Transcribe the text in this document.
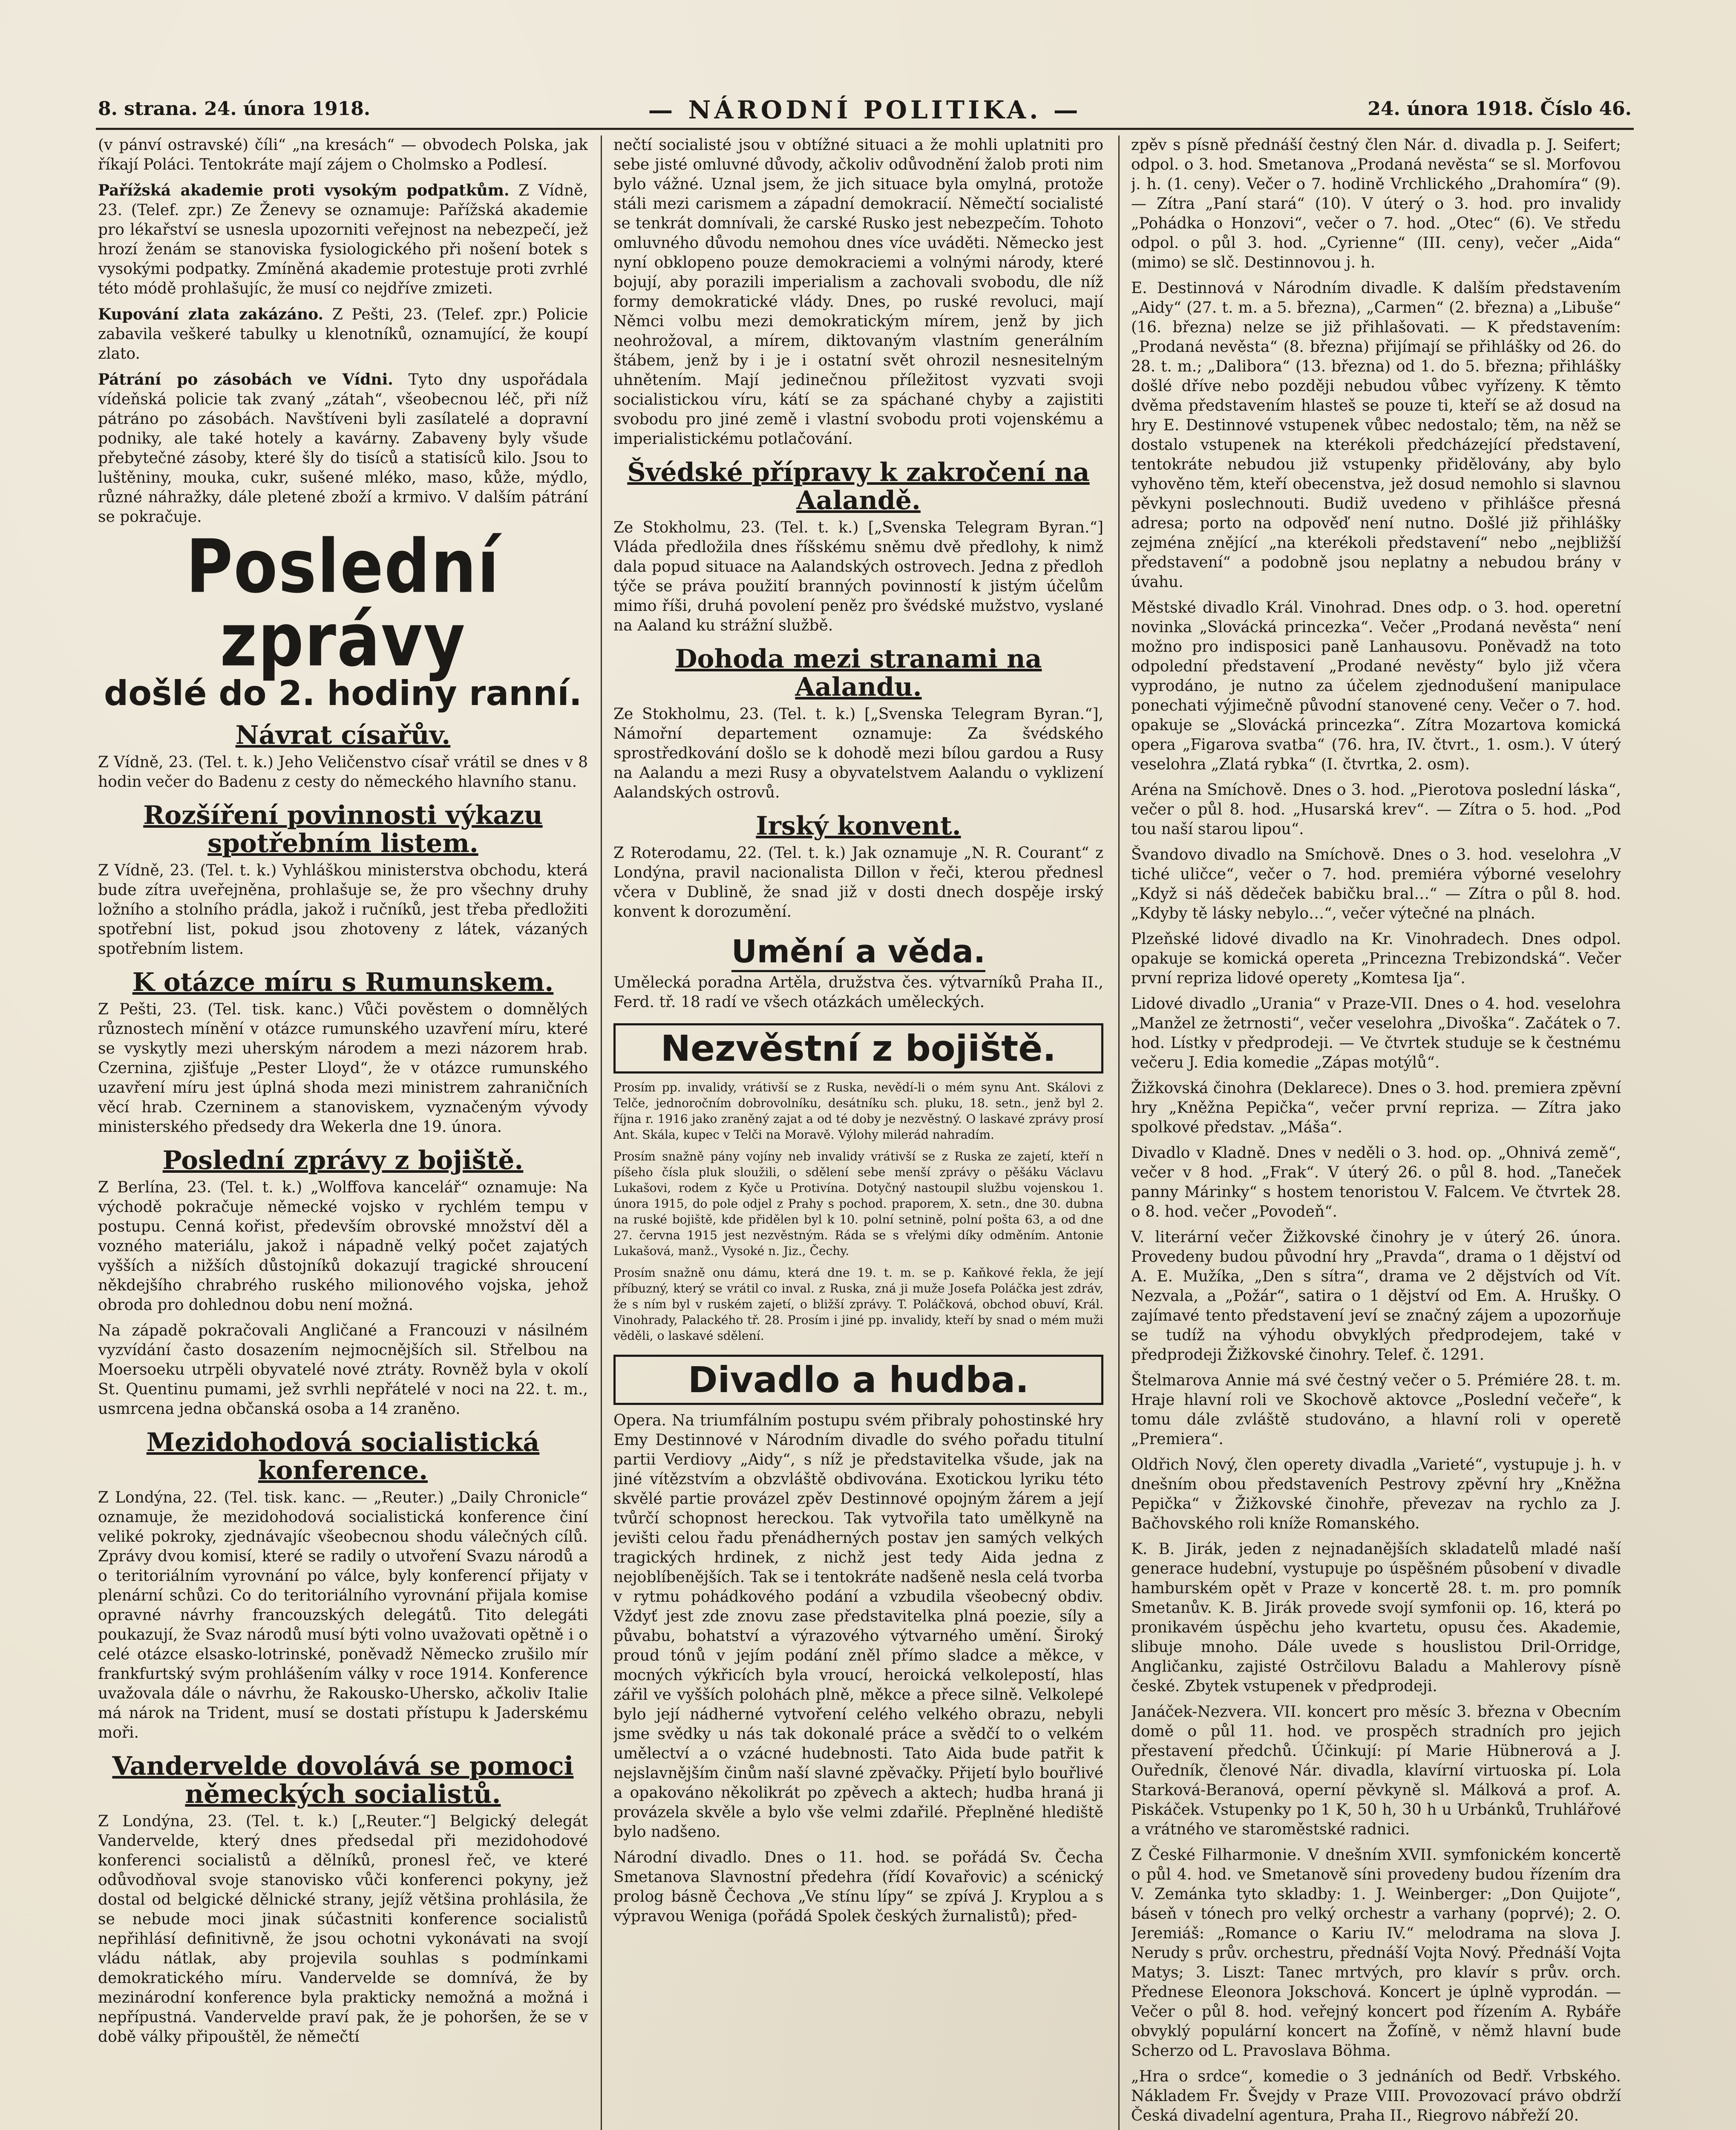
8. strana. 24. února 1918.	— NÁRODNÍ POLITIKA. —	24. února 1918. Číslo 46.

(v pánví ostravské) číli“ „na kresách“ — obvodech Polska, jak říkají Poláci. Tentokráte mají zájem o Cholmsko a Podlesí.

Pařížská akademie proti vysokým podpatkům. Z Vídně, 23. (Telef. zpr.) Ze Ženevy se oznamuje: Pařížská akademie pro lékařství se usnesla upozorniti veřejnost na nebezpečí, jež hrozí ženám se stanoviska fysiologického při nošení botek s vysokými podpatky. Zmíněná akademie protestuje proti zvrhlé této módě prohlašujíc, že musí co nejdříve zmizeti.

Kupování zlata zakázáno. Z Pešti, 23. (Telef. zpr.) Policie zabavila veškeré tabulky u klenotníků, oznamující, že koupí zlato.

Pátrání po zásobách ve Vídni. Tyto dny uspořádala vídeňská policie tak zvaný „zátah“, všeobecnou léč, při níž pátráno po zásobách. Navštíveni byli zasílatelé a dopravní podniky, ale také hotely a kavárny. Zabaveny byly všude přebytečné zásoby, které šly do tisíců a statisíců kilo. Jsou to luštěniny, mouka, cukr, sušené mléko, maso, kůže, mýdlo, různé náhražky, dále pletené zboží a krmivo. V dalším pátrání se pokračuje.

Poslední zprávy
došlé do 2. hodiny ranní.
Návrat císařův.

Z Vídně, 23. (Tel. t. k.) Jeho Veličenstvo císař vrátil se dnes v 8 hodin večer do Badenu z cesty do německého hlavního stanu.

Rozšíření povinnosti výkazu spotřebním listem.

Z Vídně, 23. (Tel. t. k.) Vyhláškou ministerstva obchodu, která bude zítra uveřejněna, prohlašuje se, že pro všechny druhy ložního a stolního prádla, jakož i ručníků, jest třeba předložiti spotřební list, pokud jsou zhotoveny z látek, vázaných spotřebním listem.

K otázce míru s Rumunskem.

Z Pešti, 23. (Tel. tisk. kanc.) Vůči pověstem o domnělých různostech mínění v otázce rumunského uzavření míru, které se vyskytly mezi uherským národem a mezi názorem hrab. Czernina, zjišťuje „Pester Lloyd“, že v otázce rumunského uzavření míru jest úplná shoda mezi ministrem zahraničních věcí hrab. Czerninem a stanoviskem, vyznačeným vývody ministerského předsedy dra Wekerla dne 19. února.

Poslední zprávy z bojiště.

Z Berlína, 23. (Tel. t. k.) „Wolffova kancelář“ oznamuje: Na východě pokračuje německé vojsko v rychlém tempu v postupu. Cenná kořist, především obrovské množství děl a vozného materiálu, jakož i nápadně velký počet zajatých vyšších a nižších důstojníků dokazují tragické shroucení někdejšího chrabrého ruského milionového vojska, jehož obroda pro dohlednou dobu není možná.

Na západě pokračovali Angličané a Francouzi v násilném vyzvídání často dosazením nejmocnějších sil. Střelbou na Moersoeku utrpěli obyvatelé nové ztráty. Rovněž byla v okolí St. Quentinu pumami, jež svrhli nepřátelé v noci na 22. t. m., usmrcena jedna občanská osoba a 14 zraněno.

Mezidohodová socialistická konference.

Z Londýna, 22. (Tel. tisk. kanc. — „Reuter.) „Daily Chronicle“ oznamuje, že mezidohodová socialistická konference činí veliké pokroky, zjednávajíc všeobecnou shodu válečných cílů. Zprávy dvou komisí, které se radily o utvoření Svazu národů a o teritoriálním vyrovnání po válce, byly konferencí přijaty v plenární schůzi. Co do teritoriálního vyrovnání přijala komise opravné návrhy francouzských delegátů. Tito delegáti poukazují, že Svaz národů musí býti volno uvažovati opětně i o celé otázce elsasko-lotrinské, poněvadž Německo zrušilo mír frankfurtský svým prohlášením války v roce 1914. Konference uvažovala dále o návrhu, že Rakousko-Uhersko, ačkoliv Italie má nárok na Trident, musí se dostati přístupu k Jaderskému moři.

Vandervelde dovolává se pomoci německých socialistů.

Z Londýna, 23. (Tel. t. k.) [„Reuter.“] Belgický delegát Vandervelde, který dnes předsedal při mezidohodové konferenci socialistů a dělníků, pronesl řeč, ve které odůvodňoval svoje stanovisko vůči konferenci pokyny, jež dostal od belgické dělnické strany, jejíž většina prohlásila, že se nebude moci jinak súčastniti konference socialistů nepřihlásí definitivně, že jsou ochotni vykonávati na svojí vládu nátlak, aby projevila souhlas s podmínkami demokratického míru. Vandervelde se domnívá, že by mezinárodní konference byla prakticky nemožná a možná i nepřípustná. Vandervelde praví pak, že je pohoršen, že se v době války připouštěl, že němečtí

nečtí socialisté jsou v obtížné situaci a že mohli uplatniti pro sebe jisté omluvné důvody, ačkoliv odůvodnění žalob proti nim bylo vážné. Uznal jsem, že jich situace byla omylná, protože stáli mezi carismem a západní demokracií. Němečtí socialisté se tenkrát domnívali, že carské Rusko jest nebezpečím. Tohoto omluvného důvodu nemohou dnes více uváděti. Německo jest nyní obklopeno pouze demokraciemi a volnými národy, které bojují, aby porazili imperialism a zachovali svobodu, dle níž formy demokratické vlády. Dnes, po ruské revoluci, mají Němci volbu mezi demokratickým mírem, jenž by jich neohrožoval, a mírem, diktovaným vlastním generálním štábem, jenž by i je i ostatní svět ohrozil nesnesitelným uhnětením. Mají jedinečnou příležitost vyzvati svoji socialistickou víru, kátí se za spáchané chyby a zajistiti svobodu pro jiné země i vlastní svobodu proti vojenskému a imperialistickému potlačování.

Švédské přípravy k zakročení na Aalandě.

Ze Stokholmu, 23. (Tel. t. k.) [„Svenska Telegram Byran.“] Vláda předložila dnes říšskému sněmu dvě předlohy, k nimž dala popud situace na Aalandských ostrovech. Jedna z předloh týče se práva použití branných povinností k jistým účelům mimo říši, druhá povolení peněz pro švédské mužstvo, vyslané na Aaland ku strážní službě.

Dohoda mezi stranami na Aalandu.

Ze Stokholmu, 23. (Tel. t. k.) [„Svenska Telegram Byran.“], Námořní departement oznamuje: Za švédského sprostředkování došlo se k dohodě mezi bílou gardou a Rusy na Aalandu a mezi Rusy a obyvatelstvem Aalandu o vyklizení Aalandských ostrovů.

Irský konvent.

Z Roterodamu, 22. (Tel. t. k.) Jak oznamuje „N. R. Courant“ z Londýna, pravil nacionalista Dillon v řeči, kterou přednesl včera v Dublině, že snad již v dosti dnech dospěje irský konvent k dorozumění.

Umění a věda.

Umělecká poradna Artěla, družstva čes. výtvarníků Praha II., Ferd. tř. 18 radí ve všech otázkách uměleckých.

Nezvěstní z bojiště.

Prosím pp. invalidy, vrátivší se z Ruska, nevědí-li o mém synu Ant. Skálovi z Telče, jednoročním dobrovolníku, desátníku sch. pluku, 18. setn., jenž byl 2. října r. 1916 jako zraněný zajat a od té doby je nezvěstný. O laskavé zprávy prosí Ant. Skála, kupec v Telči na Moravě. Výlohy milerád nahradím.

Prosím snažně pány vojíny neb invalidy vrátivší se z Ruska ze zajetí, kteří n píšeho čísla pluk sloužili, o sdělení sebe menší zprávy o pěšáku Václavu Lukašovi, rodem z Kyče u Protivína. Dotyčný nastoupil službu vojenskou 1. února 1915, do pole odjel z Prahy s pochod. praporem, X. setn., dne 30. dubna na ruské bojiště, kde přidělen byl k 10. polní setnině, polní pošta 63, a od dne 27. června 1915 jest nezvěstným. Ráda se s vřelými díky odměním. Antonie Lukašová, manž., Vysoké n. Jiz., Čechy.

Prosím snažně onu dámu, která dne 19. t. m. se p. Kaňkové řekla, že její příbuzný, který se vrátil co inval. z Ruska, zná ji muže Josefa Poláčka jest zdráv, že s ním byl v ruském zajetí, o bližší zprávy. T. Poláčková, obchod obuví, Král. Vinohrady, Palackého tř. 28. Prosím i jiné pp. invalidy, kteří by snad o mém muži věděli, o laskavé sdělení.

Divadlo a hudba.

Opera. Na triumfálním postupu svém přibraly pohostinské hry Emy Destinnové v Národním divadle do svého pořadu titulní partii Verdiovy „Aidy“, s níž je představitelka všude, jak na jiné vítězstvím a obzvláště obdivována. Exotickou lyriku této skvělé partie provázel zpěv Destinnové opojným žárem a její tvůrčí schopnost hereckou. Tak vytvořila tato umělkyně na jevišti celou řadu přenádherných postav jen samých velkých tragických hrdinek, z nichž jest tedy Aida jedna z nejoblíbenějších. Tak se i tentokráte nadšeně nesla celá tvorba v rytmu pohádkového podání a vzbudila všeobecný obdiv. Vždyť jest zde znovu zase představitelka plná poezie, síly a půvabu, bohatství a výrazového výtvarného umění. Široký proud tónů v jejím podání zněl přímo sladce a měkce, v mocných výkřicích byla vroucí, heroická velkolepostí, hlas zářil ve vyšších polohách plně, měkce a přece silně. Velkolepé bylo její nádherné vytvoření celého velkého obrazu, nebyli jsme svědky u nás tak dokonalé práce a svědčí to o velkém umělectví a o vzácné hudebnosti. Tato Aida bude patřit k nejslavnějším činům naší slavné zpěvačky. Přijetí bylo bouřlivé a opakováno několikrát po zpěvech a aktech; hudba hraná ji provázela skvěle a bylo vše velmi zdařilé. Přeplněné hlediště bylo nadšeno.

Národní divadlo. Dnes o 11. hod. se pořádá Sv. Čecha Smetanova Slavnostní předehra (řídí Kovařovic) a scénický prolog básně Čechova „Ve stínu lípy“ se zpívá J. Kryplou a s výpravou Weniga (pořádá Spolek českých žurnalistů); před-

zpěv s písně přednáší čestný člen Nár. d. divadla p. J. Seifert; odpol. o 3. hod. Smetanova „Prodaná nevěsta“ se sl. Morfovou j. h. (1. ceny). Večer o 7. hodině Vrchlického „Drahomíra“ (9). — Zítra „Panı́ stará“ (10). V úterý o 3. hod. pro invalidy „Pohádka o Honzovi“, večer o 7. hod. „Otec“ (6). Ve středu odpol. o půl 3. hod. „Cyrienne“ (III. ceny), večer „Aida“ (mimo) se slč. Destinnovou j. h.

E. Destinnová v Národním divadle. K dalším představením „Aidy“ (27. t. m. a 5. března), „Carmen“ (2. března) a „Libuše“ (16. března) nelze se již přihlašovati. — K představením: „Prodaná nevěsta“ (8. března) přijímají se přihlášky od 26. do 28. t. m.; „Dalibora“ (13. března) od 1. do 5. března; přihlášky došlé dříve nebo později nebudou vůbec vyřízeny. K těmto dvěma představením hlasteš se pouze ti, kteří se až dosud na hry E. Destinnové vstupenek vůbec nedostalo; těm, na něž se dostalo vstupenek na kterékoli předcházející představení, tentokráte nebudou již vstupenky přidělovány, aby bylo vyhověno těm, kteří obecenstva, jež dosud nemohlo si slavnou pěvkyni poslechnouti. Budiž uvedeno v přihlášce přesná adresa; porto na odpověď není nutno. Došlé již přihlášky zejména znějící „na kterékoli představení“ nebo „nejbližší představení“ a podobně jsou neplatny a nebudou brány v úvahu.

Městské divadlo Král. Vinohrad. Dnes odp. o 3. hod. operetní novinka „Slovácká princezka“. Večer „Prodaná nevěsta“ není možno pro indisposici paně Lanhausovu. Poněvadž na toto odpolední představení „Prodané nevěsty“ bylo již včera vyprodáno, je nutno za účelem zjednodušení manipulace ponechati výjimečně původní stanovené ceny. Večer o 7. hod. opakuje se „Slovácká princezka“. Zítra Mozartova komická opera „Figarova svatba“ (76. hra, IV. čtvrt., 1. osm.). V úterý veselohra „Zlatá rybka“ (I. čtvrtka, 2. osm).

Aréna na Smíchově. Dnes o 3. hod. „Pierotova poslední láska“, večer o půl 8. hod. „Husarská krev“. — Zítra o 5. hod. „Pod tou naší starou lipou“.

Švandovo divadlo na Smíchově. Dnes o 3. hod. veselohra „V tiché uličce“, večer o 7. hod. premiéra výborné veselohry „Když si náš dědeček babičku bral…“ — Zítra o půl 8. hod. „Kdyby tě lásky nebylo…“, večer výtečné na plnách.

Plzeňské lidové divadlo na Kr. Vinohradech. Dnes odpol. opakuje se komická opereta „Princezna Trebizondská“. Večer první repriza lidové operety „Komtesa Ija“.

Lidové divadlo „Urania“ v Praze-VII. Dnes o 4. hod. veselohra „Manžel ze žetrnosti“, večer veselohra „Divoška“. Začátek o 7. hod. Lístky v předprodeji. — Ve čtvrtek studuje se k čestnému večeru J. Edia komedie „Zápas motýlů“.

Žižkovská činohra (Deklarece). Dnes o 3. hod. premiera zpěvní hry „Kněžna Pepička“, večer první repriza. — Zítra jako spolkové představ. „Máša“.

Divadlo v Kladně. Dnes v neděli o 3. hod. op. „Ohnivá země“, večer v 8 hod. „Frak“. V úterý 26. o půl 8. hod. „Taneček panny Márinky“ s hostem tenoristou V. Falcem. Ve čtvrtek 28. o 8. hod. večer „Povodeň“.

V. literární večer Žižkovské činohry je v úterý 26. února. Provedeny budou původní hry „Pravda“, drama o 1 dějství od A. E. Mužíka, „Den s sítra“, drama ve 2 dějstvích od Vít. Nezvala, a „Požár“, satira o 1 dějství od Em. A. Hrušky. O zajímavé tento představení jeví se značný zájem a upozorňuje se tudíž na výhodu obvyklých předprodejem, také v předprodeji Žižkovské činohry. Telef. č. 1291.

Štelmarova Annie má své čestný večer o 5. Prémiére 28. t. m. Hraje hlavní roli ve Skochově aktovce „Poslední večeře“, k tomu dále zvláště studováno, a hlavní roli v operetě „Premiera“.

Oldřich Nový, člen operety divadla „Varieté“, vystupuje j. h. v dnešním obou představeních Pestrovy zpěvní hry „Kněžna Pepička“ v Žižkovské činohře, převezav na rychlo za J. Bačhovského roli kníže Romanského.

K. B. Jirák, jeden z nejnadanějších skladatelů mladé naší generace hudební, vystupuje po úspěšném působení v divadle hamburském opět v Praze v koncertě 28. t. m. pro pomník Smetanův. K. B. Jirák provede svojí symfonii op. 16, která po pronikavém úspěchu jeho kvartetu, opusu čes. Akademie, slibuje mnoho. Dále uvede s houslistou Dril-Orridge, Angličanku, zajisté Ostrčilovu Baladu a Mahlerovy písně české. Zbytek vstupenek v předprodeji.

Janáček-Nezvera. VII. koncert pro měsíc 3. března v Obecním domě o půl 11. hod. ve prospěch stradních pro jejich přestavení předchů. Účinkují: pí Marie Hübnerová a J. Ouředník, členové Nár. divadla, klavírní virtuoska pí. Lola Starková-Beranová, operní pěvkyně sl. Málková a prof. A. Piskáček. Vstupenky po 1 K, 50 h, 30 h u Urbánků, Truhlářové a vrátného ve staroměstské radnici.

Z České Filharmonie. V dnešním XVII. symfonickém koncertě o půl 4. hod. ve Smetanově síni provedeny budou řízením dra V. Zemánka tyto skladby: 1. J. Weinberger: „Don Quijote“, báseň v tónech pro velký orchestr a varhany (poprvé); 2. O. Jeremiáš: „Romance o Kariu IV.“ melodrama na slova J. Nerudy s prův. orchestru, přednáší Vojta Nový. Přednáší Vojta Matys; 3. Liszt: Tanec mrtvých, pro klavír s prův. orch. Přednese Eleonora Jokschová. Koncert je úplně vyprodán. — Večer o půl 8. hod. veřejný koncert pod řízením A. Rybáře obvyklý populární koncert na Žofíně, v němž hlavní bude Scherzo od L. Pravoslava Böhma.

„Hra o srdce“, komedie o 3 jednáních od Bedř. Vrbského. Nákladem Fr. Švejdy v Praze VIII. Provozovací právo obdrží Česká divadelní agentura, Praha II., Riegrovo nábřeží 20.
